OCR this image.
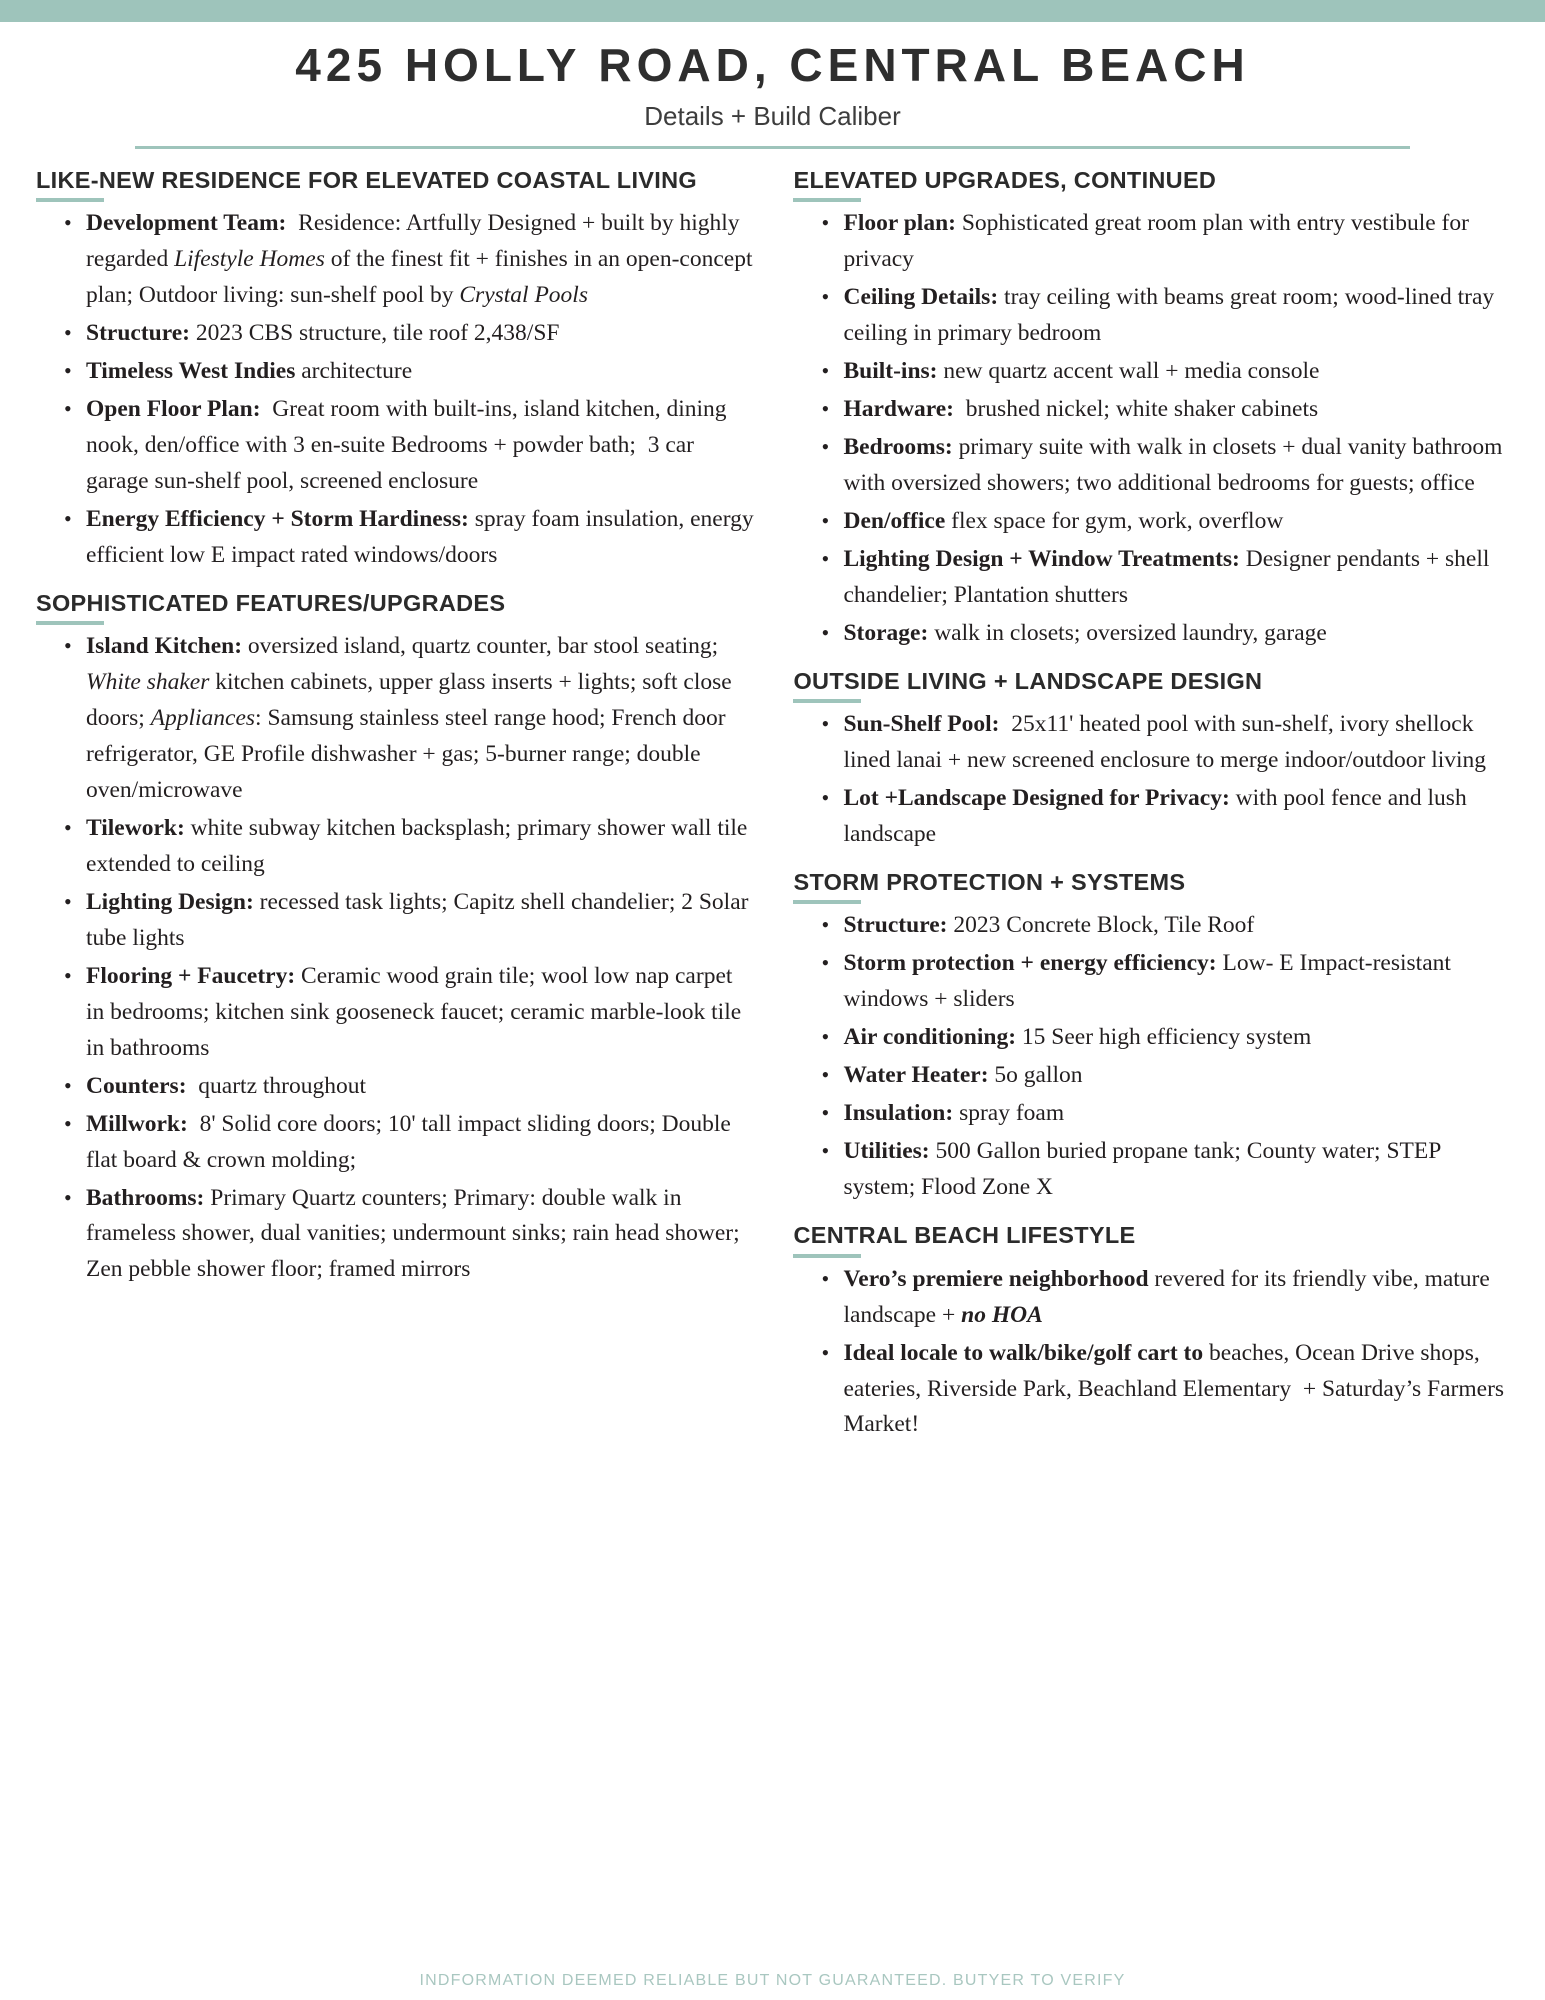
425 HOLLY ROAD, CENTRAL BEACH

Details + Build Caliber

LIKE-NEW RESIDENCE FOR ELEVATED COASTAL LIVING
• Development Team:  Residence: Artfully Designed + built by highly regarded Lifestyle Homes of the finest fit + finishes in an open-concept plan; Outdoor living: sun-shelf pool by Crystal Pools
• Structure: 2023 CBS structure, tile roof 2,438/SF
• Timeless West Indies architecture
• Open Floor Plan:  Great room with built-ins, island kitchen, dining nook, den/office with 3 en-suite Bedrooms + powder bath;  3 car garage sun-shelf pool, screened enclosure
• Energy Efficiency + Storm Hardiness: spray foam insulation, energy efficient low E impact rated windows/doors
SOPHISTICATED FEATURES/UPGRADES
• Island Kitchen: oversized island, quartz counter, bar stool seating; White shaker kitchen cabinets, upper glass inserts + lights; soft close doors; Appliances: Samsung stainless steel range hood; French door refrigerator, GE Profile dishwasher + gas; 5-burner range; double oven/microwave
• Tilework: white subway kitchen backsplash; primary shower wall tile extended to ceiling
• Lighting Design: recessed task lights; Capitz shell chandelier; 2 Solar tube lights
• Flooring + Faucetry: Ceramic wood grain tile; wool low nap carpet in bedrooms; kitchen sink gooseneck faucet; ceramic marble-look tile in bathrooms
• Counters:  quartz throughout
• Millwork:  8' Solid core doors; 10' tall impact sliding doors; Double flat board & crown molding;
• Bathrooms: Primary Quartz counters; Primary: double walk in frameless shower, dual vanities; undermount sinks; rain head shower; Zen pebble shower floor; framed mirrors
ELEVATED UPGRADES, CONTINUED
• Floor plan: Sophisticated great room plan with entry vestibule for privacy
• Ceiling Details: tray ceiling with beams great room; wood-lined tray ceiling in primary bedroom
• Built-ins: new quartz accent wall + media console
• Hardware:  brushed nickel; white shaker cabinets
• Bedrooms: primary suite with walk in closets + dual vanity bathroom with oversized showers; two additional bedrooms for guests; office
• Den/office flex space for gym, work, overflow
• Lighting Design + Window Treatments: Designer pendants + shell chandelier; Plantation shutters
• Storage: walk in closets; oversized laundry, garage
OUTSIDE LIVING + LANDSCAPE DESIGN
• Sun-Shelf Pool:  25x11' heated pool with sun-shelf, ivory shellock lined lanai + new screened enclosure to merge indoor/outdoor living
• Lot +Landscape Designed for Privacy: with pool fence and lush landscape
STORM PROTECTION + SYSTEMS
• Structure: 2023 Concrete Block, Tile Roof
• Storm protection + energy efficiency: Low- E Impact-resistant windows + sliders
• Air conditioning: 15 Seer high efficiency system
• Water Heater: 5o gallon
• Insulation: spray foam
• Utilities: 500 Gallon buried propane tank; County water; STEP system; Flood Zone X
CENTRAL BEACH LIFESTYLE
• Vero’s premiere neighborhood revered for its friendly vibe, mature landscape + no HOA
• Ideal locale to walk/bike/golf cart to beaches, Ocean Drive shops, eateries, Riverside Park, Beachland Elementary  + Saturday’s Farmers Market!
INDFORMATION DEEMED RELIABLE BUT NOT GUARANTEED. BUTYER TO VERIFY
